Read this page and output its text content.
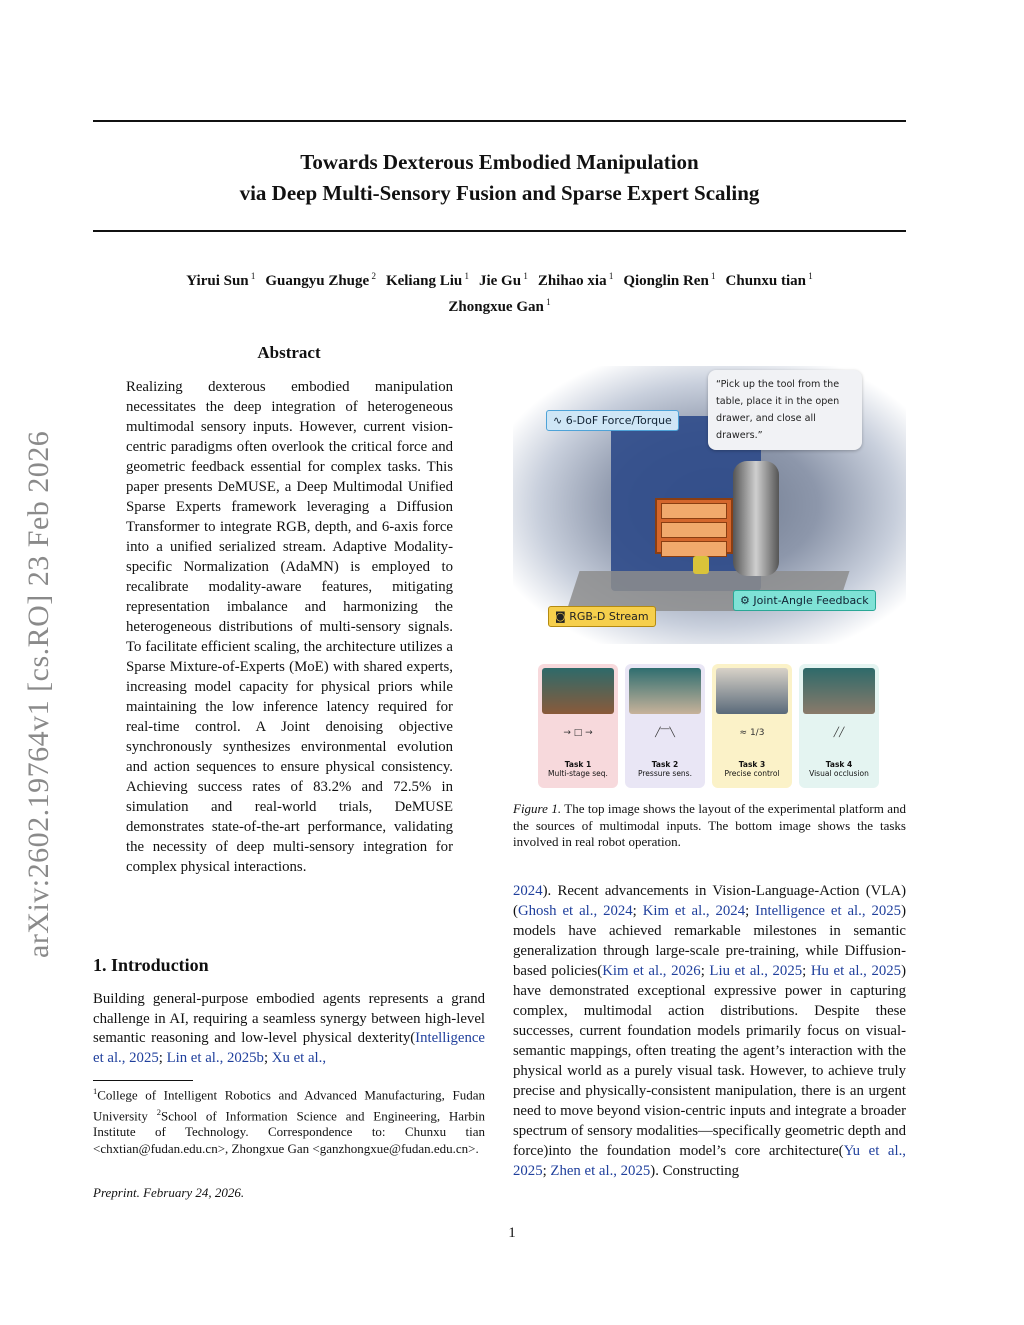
Towards Dexterous Embodied Manipulation
via Deep Multi-Sensory Fusion and Sparse Expert Scaling
Yirui Sun $^1$ Guangyu Zhuge $^2$ Keliang Liu $^1$ Jie Gu $^1$ Zhihao xia $^1$ Qionglin Ren $^1$ Chunxu tian $^1$
Zhongxue Gan $^1$
arXiv:2602.19764v1 [cs.RO] 23 Feb 2026
Abstract
Realizing dexterous embodied manipulation necessitates the deep integration of heterogeneous multimodal sensory inputs. However, current vision-centric paradigms often overlook the critical force and geometric feedback essential for complex tasks. This paper presents DeMUSE, a Deep Multimodal Unified Sparse Experts framework leveraging a Diffusion Transformer to integrate RGB, depth, and 6-axis force into a unified serialized stream. Adaptive Modality-specific Normalization (AdaMN) is employed to recalibrate modality-aware features, mitigating representation imbalance and harmonizing the heterogeneous distributions of multi-sensory signals. To facilitate efficient scaling, the architecture utilizes a Sparse Mixture-of-Experts (MoE) with shared experts, increasing model capacity for physical priors while maintaining the low inference latency required for real-time control. A Joint denoising objective synchronously synthesizes environmental evolution and action sequences to ensure physical consistency. Achieving success rates of 83.2% and 72.5% in simulation and real-world trials, DeMUSE demonstrates state-of-the-art performance, validating the necessity of deep multi-sensory integration for complex physical interactions.
1. Introduction
Building general-purpose embodied agents represents a grand challenge in AI, requiring a seamless synergy between high-level semantic reasoning and low-level physical dexterity(Intelligence et al., 2025; Lin et al., 2025b; Xu et al.,
$^1$College of Intelligent Robotics and Advanced Manufacturing, Fudan University $^2$School of Information Science and Engineering, Harbin Institute of Technology. Correspondence to: Chunxu tian <chxtian@fudan.edu.cn>, Zhongxue Gan <ganzhongxue@fudan.edu.cn>.
Preprint. February 24, 2026.
1
“Pick up the tool from the table, place it in the open drawer, and close all drawers.”
∿ 6-DoF Force/Torque
◙ RGB-D Stream
⚙ Joint-Angle Feedback
→ □ →
Task 1
Multi-stage seq.
╱‾‾╲
Task 2
Pressure sens.
≈ 1/3
Task 3
Precise control
╱╱
Task 4
Visual occlusion
Figure 1. The top image shows the layout of the experimental platform and the sources of multimodal inputs. The bottom image shows the tasks involved in real robot operation.
2024). Recent advancements in Vision-Language-Action (VLA)(Ghosh et al., 2024; Kim et al., 2024; Intelligence et al., 2025) models have achieved remarkable milestones in semantic generalization through large-scale pre-training, while Diffusion-based policies(Kim et al., 2026; Liu et al., 2025; Hu et al., 2025) have demonstrated exceptional expressive power in capturing complex, multimodal action distributions. Despite these successes, current foundation models primarily focus on visual-semantic mappings, often treating the agent’s interaction with the physical world as a purely visual task. However, to achieve truly precise and physically-consistent manipulation, there is an urgent need to move beyond vision-centric inputs and integrate a broader spectrum of sensory modalities—specifically geometric depth and force)into the foundation model’s core architecture(Yu et al., 2025; Zhen et al., 2025). Constructing
